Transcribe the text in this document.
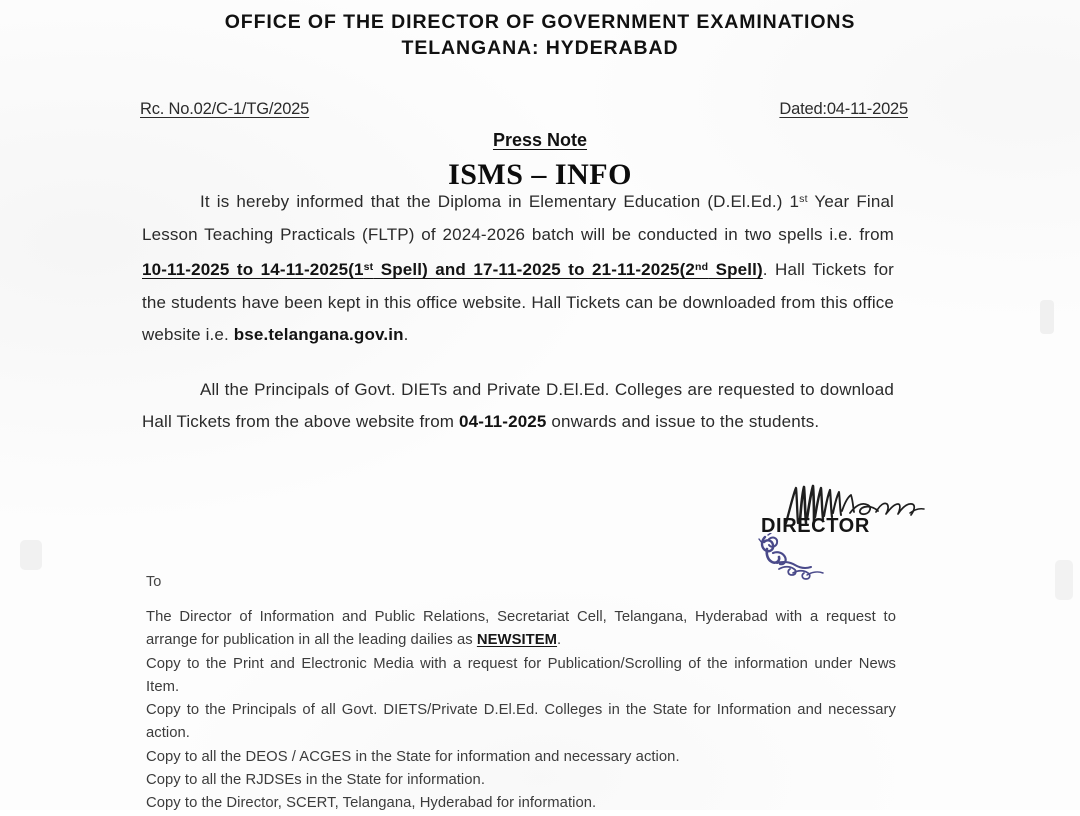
OFFICE OF THE DIRECTOR OF GOVERNMENT EXAMINATIONS
TELANGANA: HYDERABAD
Rc. No.02/C-1/TG/2025	Dated:04-11-2025
Press Note
ISMS – INFO

It is hereby informed that the Diploma in Elementary Education (D.El.Ed.) 1st Year Final Lesson Teaching Practicals (FLTP) of 2024-2026 batch will be conducted in two spells i.e. from 10-11-2025 to 14-11-2025(1st Spell) and 17-11-2025 to 21-11-2025(2nd Spell). Hall Tickets for the students have been kept in this office website. Hall Tickets can be downloaded from this office website i.e. bse.telangana.gov.in.

All the Principals of Govt. DIETs and Private D.El.Ed. Colleges are requested to download Hall Tickets from the above website from 04-11-2025 onwards and issue to the students.

DIRECTOR
To

The Director of Information and Public Relations, Secretariat Cell, Telangana, Hyderabad with a request to arrange for publication in all the leading dailies as NEWSITEM.

Copy to the Print and Electronic Media with a request for Publication/Scrolling of the information under News Item.

Copy to the Principals of all Govt. DIETS/Private D.El.Ed. Colleges in the State for Information and necessary action.

Copy to all the DEOS / ACGES in the State for information and necessary action.

Copy to all the RJDSEs in the State for information.

Copy to the Director, SCERT, Telangana, Hyderabad for information.
